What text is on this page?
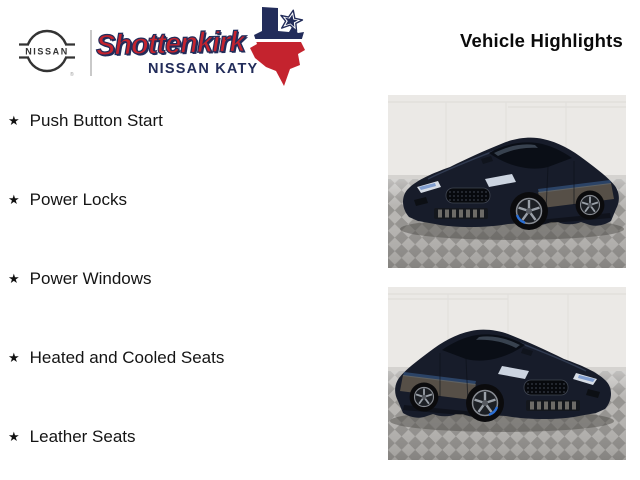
NISSAN
®
Shottenkirk
NISSAN KATY
Vehicle Highlights
★ Push Button Start
★ Power Locks
★ Power Windows
★ Heated and Cooled Seats
★ Leather Seats
